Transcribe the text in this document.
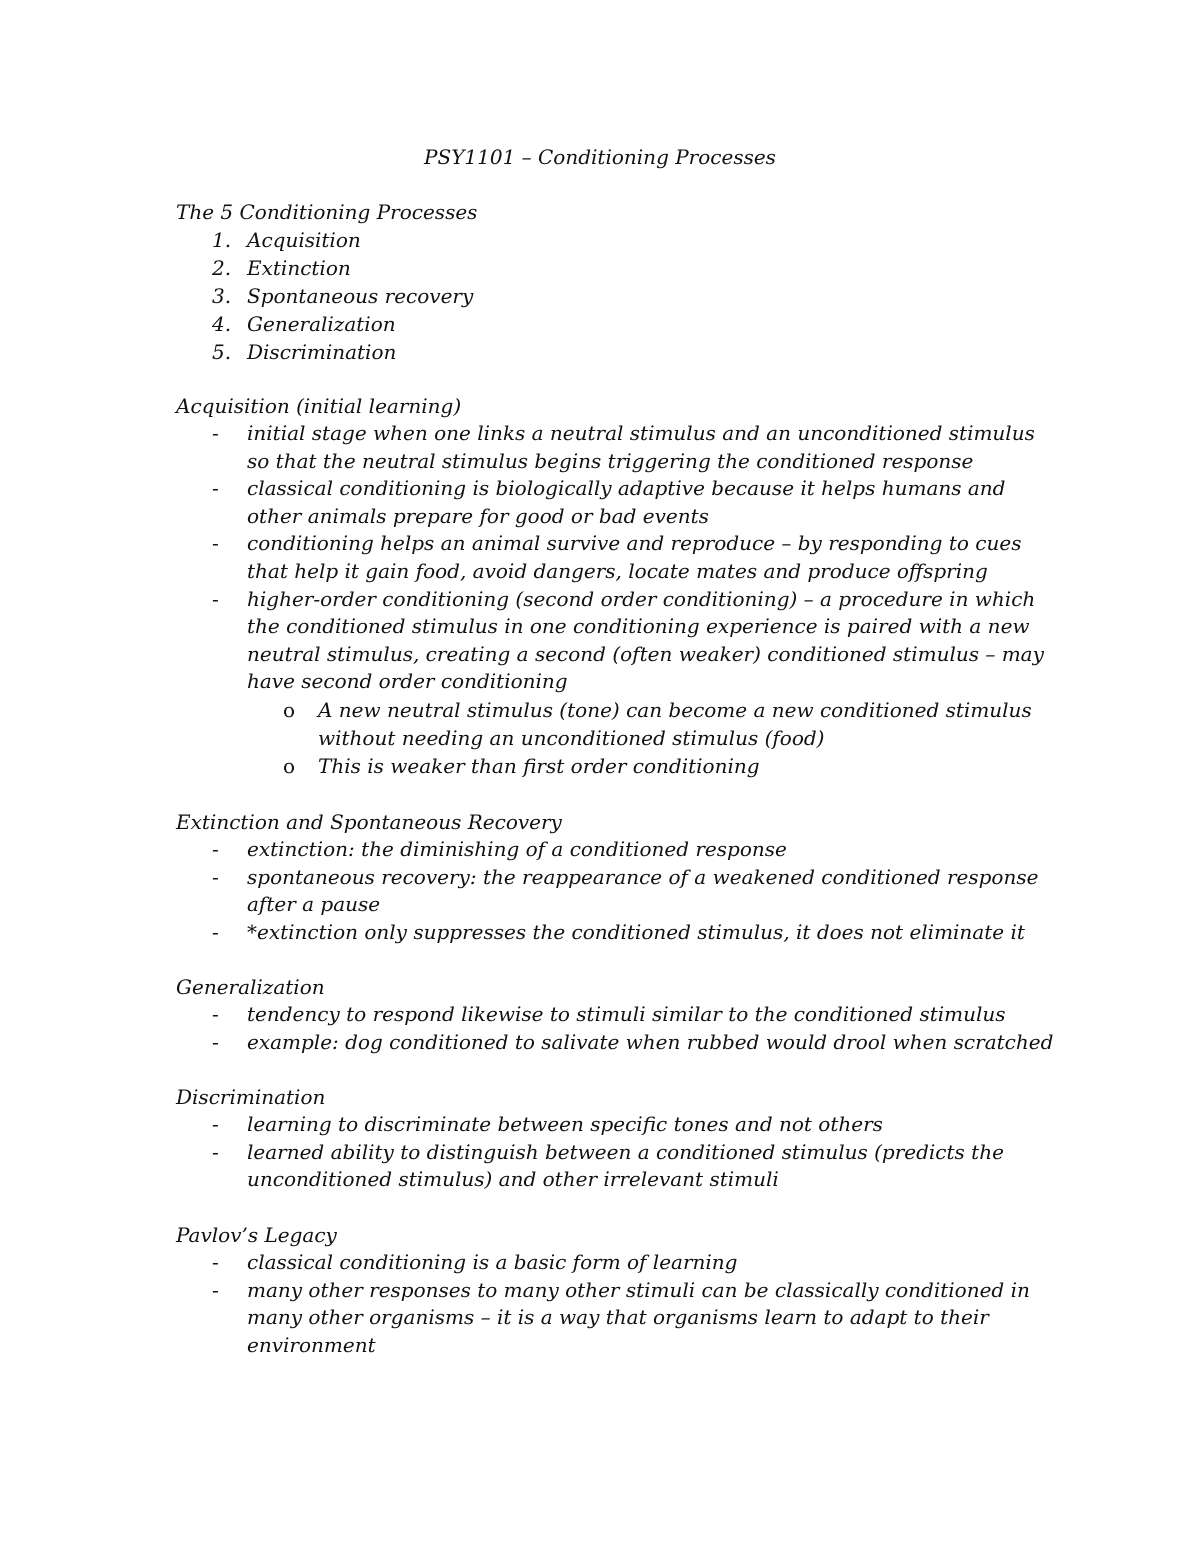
PSY1101 – Conditioning Processes
The 5 Conditioning Processes
1. Acquisition
2. Extinction
3. Spontaneous recovery
4. Generalization
5. Discrimination
Acquisition (initial learning)
- initial stage when one links a neutral stimulus and an unconditioned stimulus so that the neutral stimulus begins triggering the conditioned response
- classical conditioning is biologically adaptive because it helps humans and other animals prepare for good or bad events
- conditioning helps an animal survive and reproduce – by responding to cues that help it gain food, avoid dangers, locate mates and produce offspring
- higher-order conditioning (second order conditioning) – a procedure in which the conditioned stimulus in one conditioning experience is paired with a new neutral stimulus, creating a second (often weaker) conditioned stimulus – may have second order conditioning
o A new neutral stimulus (tone) can become a new conditioned stimulus without needing an unconditioned stimulus (food)
o This is weaker than first order conditioning
Extinction and Spontaneous Recovery
- extinction: the diminishing of a conditioned response
- spontaneous recovery: the reappearance of a weakened conditioned response after a pause
- *extinction only suppresses the conditioned stimulus, it does not eliminate it
Generalization
- tendency to respond likewise to stimuli similar to the conditioned stimulus
- example: dog conditioned to salivate when rubbed would drool when scratched
Discrimination
- learning to discriminate between specific tones and not others
- learned ability to distinguish between a conditioned stimulus (predicts the unconditioned stimulus) and other irrelevant stimuli
Pavlov’s Legacy
- classical conditioning is a basic form of learning
- many other responses to many other stimuli can be classically conditioned in many other organisms – it is a way that organisms learn to adapt to their environment
